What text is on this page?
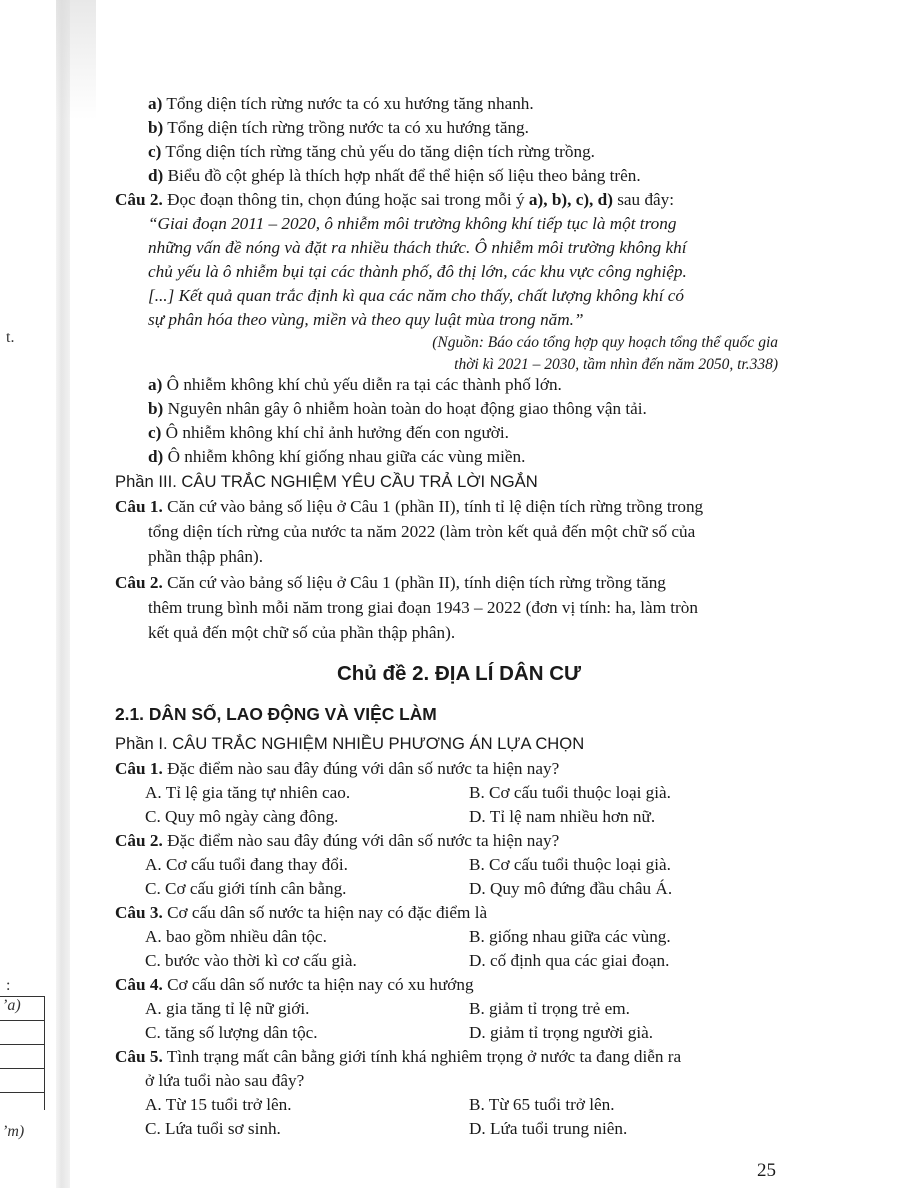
t.
:
ʼa)
ʼm)
a) Tổng diện tích rừng nước ta có xu hướng tăng nhanh.
b) Tổng diện tích rừng trồng nước ta có xu hướng tăng.
c) Tổng diện tích rừng tăng chủ yếu do tăng diện tích rừng trồng.
d) Biểu đồ cột ghép là thích hợp nhất để thể hiện số liệu theo bảng trên.
Câu 2. Đọc đoạn thông tin, chọn đúng hoặc sai trong mỗi ý a), b), c), d) sau đây:
“Giai đoạn 2011 – 2020, ô nhiễm môi trường không khí tiếp tục là một trong
những vấn đề nóng và đặt ra nhiều thách thức. Ô nhiễm môi trường không khí
chủ yếu là ô nhiễm bụi tại các thành phố, đô thị lớn, các khu vực công nghiệp.
[...] Kết quả quan trắc định kì qua các năm cho thấy, chất lượng không khí có
sự phân hóa theo vùng, miền và theo quy luật mùa trong năm.”
(Nguồn: Báo cáo tổng hợp quy hoạch tổng thể quốc gia
thời kì 2021 – 2030, tầm nhìn đến năm 2050, tr.338)
a) Ô nhiễm không khí chủ yếu diễn ra tại các thành phố lớn.
b) Nguyên nhân gây ô nhiễm hoàn toàn do hoạt động giao thông vận tải.
c) Ô nhiễm không khí chỉ ảnh hưởng đến con người.
d) Ô nhiễm không khí giống nhau giữa các vùng miền.
Phần III. CÂU TRẮC NGHIỆM YÊU CẦU TRẢ LỜI NGẮN
Câu 1. Căn cứ vào bảng số liệu ở Câu 1 (phần II), tính tỉ lệ diện tích rừng trồng trong
tổng diện tích rừng của nước ta năm 2022 (làm tròn kết quả đến một chữ số của
phần thập phân).
Câu 2. Căn cứ vào bảng số liệu ở Câu 1 (phần II), tính diện tích rừng trồng tăng
thêm trung bình mỗi năm trong giai đoạn 1943 – 2022 (đơn vị tính: ha, làm tròn
kết quả đến một chữ số của phần thập phân).
Chủ đề 2. ĐỊA LÍ DÂN CƯ
2.1. DÂN SỐ, LAO ĐỘNG VÀ VIỆC LÀM
Phần I. CÂU TRẮC NGHIỆM NHIỀU PHƯƠNG ÁN LỰA CHỌN
Câu 1. Đặc điểm nào sau đây đúng với dân số nước ta hiện nay?
A. Tỉ lệ gia tăng tự nhiên cao.	B. Cơ cấu tuổi thuộc loại già.
C. Quy mô ngày càng đông.	D. Tỉ lệ nam nhiều hơn nữ.
Câu 2. Đặc điểm nào sau đây đúng với dân số nước ta hiện nay?
A. Cơ cấu tuổi đang thay đổi.	B. Cơ cấu tuổi thuộc loại già.
C. Cơ cấu giới tính cân bằng.	D. Quy mô đứng đầu châu Á.
Câu 3. Cơ cấu dân số nước ta hiện nay có đặc điểm là
A. bao gồm nhiều dân tộc.	B. giống nhau giữa các vùng.
C. bước vào thời kì cơ cấu già.	D. cố định qua các giai đoạn.
Câu 4. Cơ cấu dân số nước ta hiện nay có xu hướng
A. gia tăng tỉ lệ nữ giới.	B. giảm tỉ trọng trẻ em.
C. tăng số lượng dân tộc.	D. giảm tỉ trọng người già.
Câu 5. Tình trạng mất cân bằng giới tính khá nghiêm trọng ở nước ta đang diễn ra
ở lứa tuổi nào sau đây?
A. Từ 15 tuổi trở lên.	B. Từ 65 tuổi trở lên.
C. Lứa tuổi sơ sinh.	D. Lứa tuổi trung niên.
25
